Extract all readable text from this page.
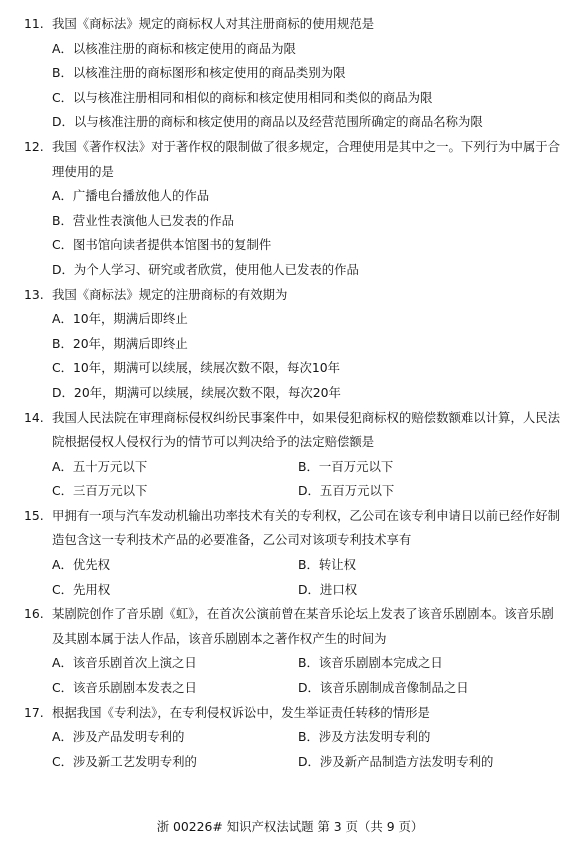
11. 我国《商标法》规定的商标权人对其注册商标的使用规范是
A．以核准注册的商标和核定使用的商品为限
B．以核准注册的商标图形和核定使用的商品类别为限
C．以与核准注册相同和相似的商标和核定使用相同和类似的商品为限
D．以与核准注册的商标和核定使用的商品以及经营范围所确定的商品名称为限
12. 我国《著作权法》对于著作权的限制做了很多规定，合理使用是其中之一。下列行为中属于合理使用的是
A．广播电台播放他人的作品
B．营业性表演他人已发表的作品
C．图书馆向读者提供本馆图书的复制件
D．为个人学习、研究或者欣赏，使用他人已发表的作品
13. 我国《商标法》规定的注册商标的有效期为
A．10年，期满后即终止
B．20年，期满后即终止
C．10年，期满可以续展，续展次数不限，每次10年
D．20年，期满可以续展，续展次数不限，每次20年
14. 我国人民法院在审理商标侵权纠纷民事案件中，如果侵犯商标权的赔偿数额难以计算，人民法院根据侵权人侵权行为的情节可以判决给予的法定赔偿额是
A．五十万元以下	B．一百万元以下
C．三百万元以下	D．五百万元以下
15. 甲拥有一项与汽车发动机输出功率技术有关的专利权，乙公司在该专利申请日以前已经作好制造包含这一专利技术产品的必要准备，乙公司对该项专利技术享有
A．优先权	B．转让权
C．先用权	D．进口权
16. 某剧院创作了音乐剧《虹》，在首次公演前曾在某音乐论坛上发表了该音乐剧剧本。该音乐剧及其剧本属于法人作品，该音乐剧剧本之著作权产生的时间为
A．该音乐剧首次上演之日	B．该音乐剧剧本完成之日
C．该音乐剧剧本发表之日	D．该音乐剧制成音像制品之日
17. 根据我国《专利法》，在专利侵权诉讼中，发生举证责任转移的情形是
A．涉及产品发明专利的	B．涉及方法发明专利的
C．涉及新工艺发明专利的	D．涉及新产品制造方法发明专利的
浙 00226# 知识产权法试题 第 3 页（共 9 页）
